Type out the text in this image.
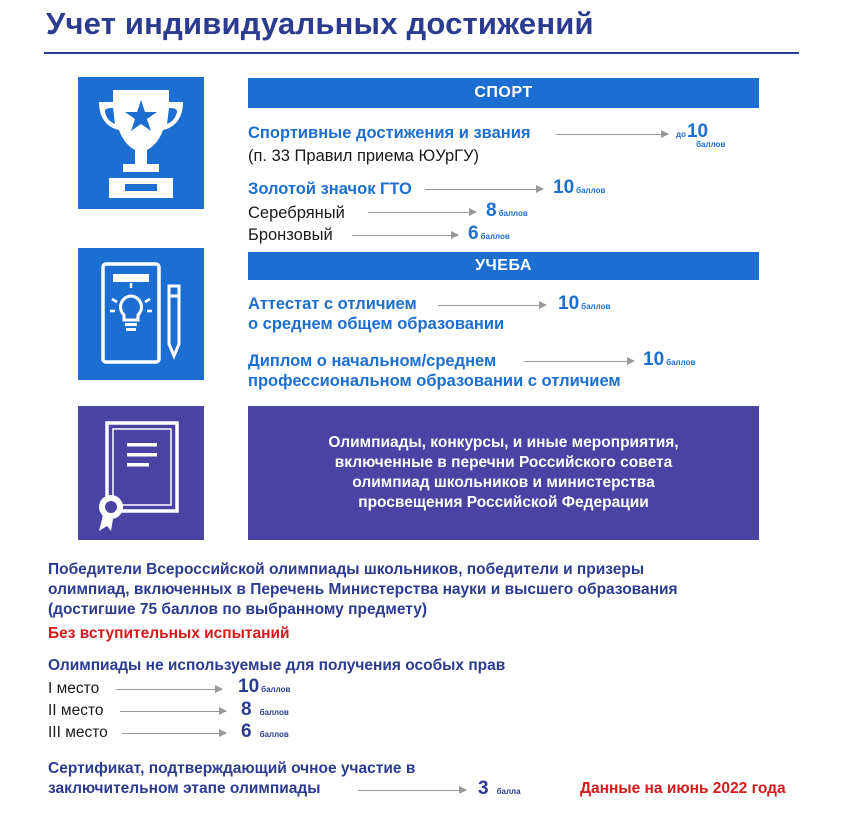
Учет индивидуальных достижений
СПОРТ
Спортивные достижения и звания
(п. 33 Правил приема ЮУрГУ)
$до10_{баллов}$
Золотой значок ГТО	10 баллов
Серебряный	8 баллов
Бронзовый	6 баллов
УЧЕБА
Аттестат с отличием
о среднем общем образовании
10 баллов
Диплом о начальном/среднем
профессиональном образовании с отличием
10 баллов
Олимпиады, конкурсы, и иные мероприятия,
включенные в перечни Российского совета
олимпиад школьников и министерства
просвещения Российской Федерации
Победители Всероссийской олимпиады школьников, победители и призеры
олимпиад, включенных в Перечень Министерства науки и высшего образования
(достигшие 75 баллов по выбранному предмету)
Без вступительных испытаний
Олимпиады не используемые для получения особых прав
I место	10 баллов
II место	8 баллов
III место	6 баллов
Сертификат, подтверждающий очное участие в
заключительном этапе олимпиады	3 балла	Данные на июнь 2022 года
